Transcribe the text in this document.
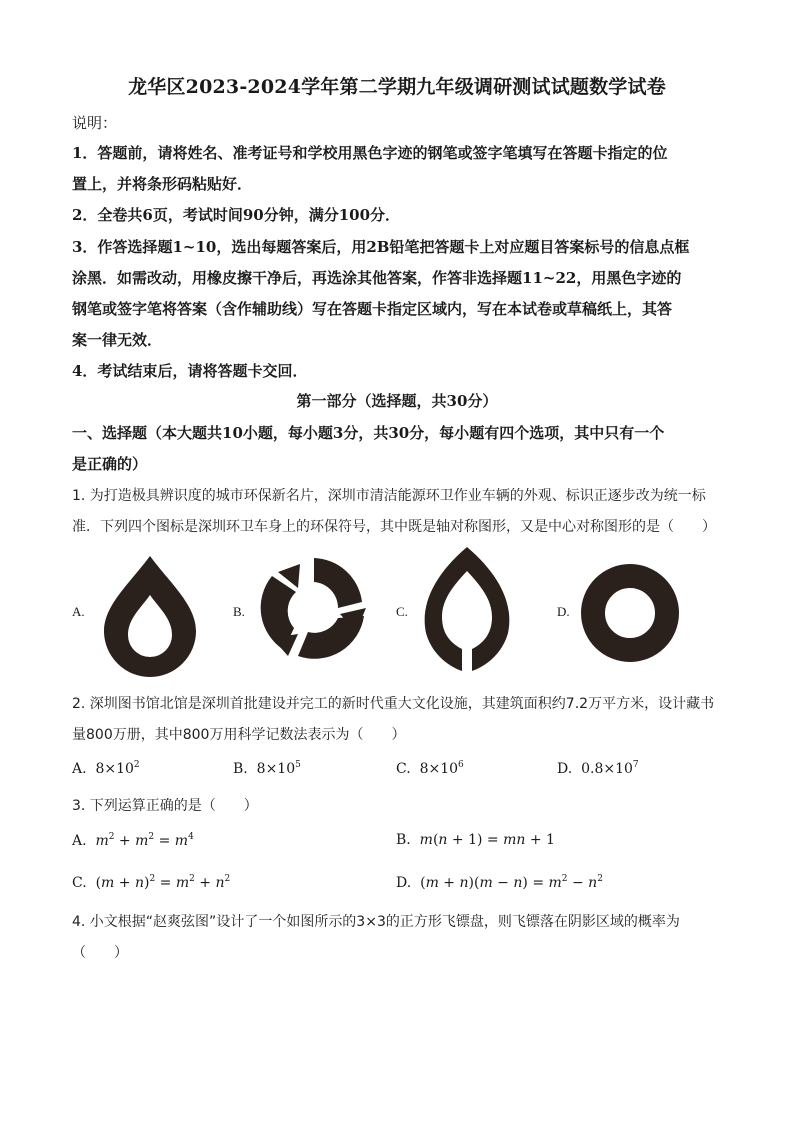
龙华区2023-2024学年第二学期九年级调研测试试题数学试卷
说明：
1．答题前，请将姓名、准考证号和学校用黑色字迹的钢笔或签字笔填写在答题卡指定的位
置上，并将条形码粘贴好．
2．全卷共6页，考试时间90分钟，满分100分．
3．作答选择题1~10，选出每题答案后，用2B铅笔把答题卡上对应题目答案标号的信息点框
涂黑．如需改动，用橡皮擦干净后，再选涂其他答案，作答非选择题11~22，用黑色字迹的
钢笔或签字笔将答案（含作辅助线）写在答题卡指定区域内，写在本试卷或草稿纸上，其答
案一律无效．
4．考试结束后，请将答题卡交回．
第一部分（选择题，共30分）
一、选择题（本大题共10小题，每小题3分，共30分，每小题有四个选项，其中只有一个
是正确的）
1. 为打造极具辨识度的城市环保新名片，深圳市清洁能源环卫作业车辆的外观、标识正逐步改为统一标
准．下列四个图标是深圳环卫车身上的环保符号，其中既是轴对称图形，又是中心对称图形的是（　　）
A.	B.	C.	D.
2. 深圳图书馆北馆是深圳首批建设并完工的新时代重大文化设施，其建筑面积约7.2万平方米，设计藏书
量800万册，其中800万用科学记数法表示为（　　）
A. $8\times 10^2$	B. $8\times 10^5$	C. $8\times 10^6$	D. $0.8\times 10^7$
3. 下列运算正确的是（　　）
A. $m^2 + m^2 = m^4$	B. m(n + 1) = mn + 1
C.  $(m + n)^2 = m^2 + n^2$	D.  $(m + n)(m - n) = m^2 - n^2$
4. 小文根据“赵爽弦图”设计了一个如图所示的3×3的正方形飞镖盘，则飞镖落在阴影区域的概率为
（　　）
